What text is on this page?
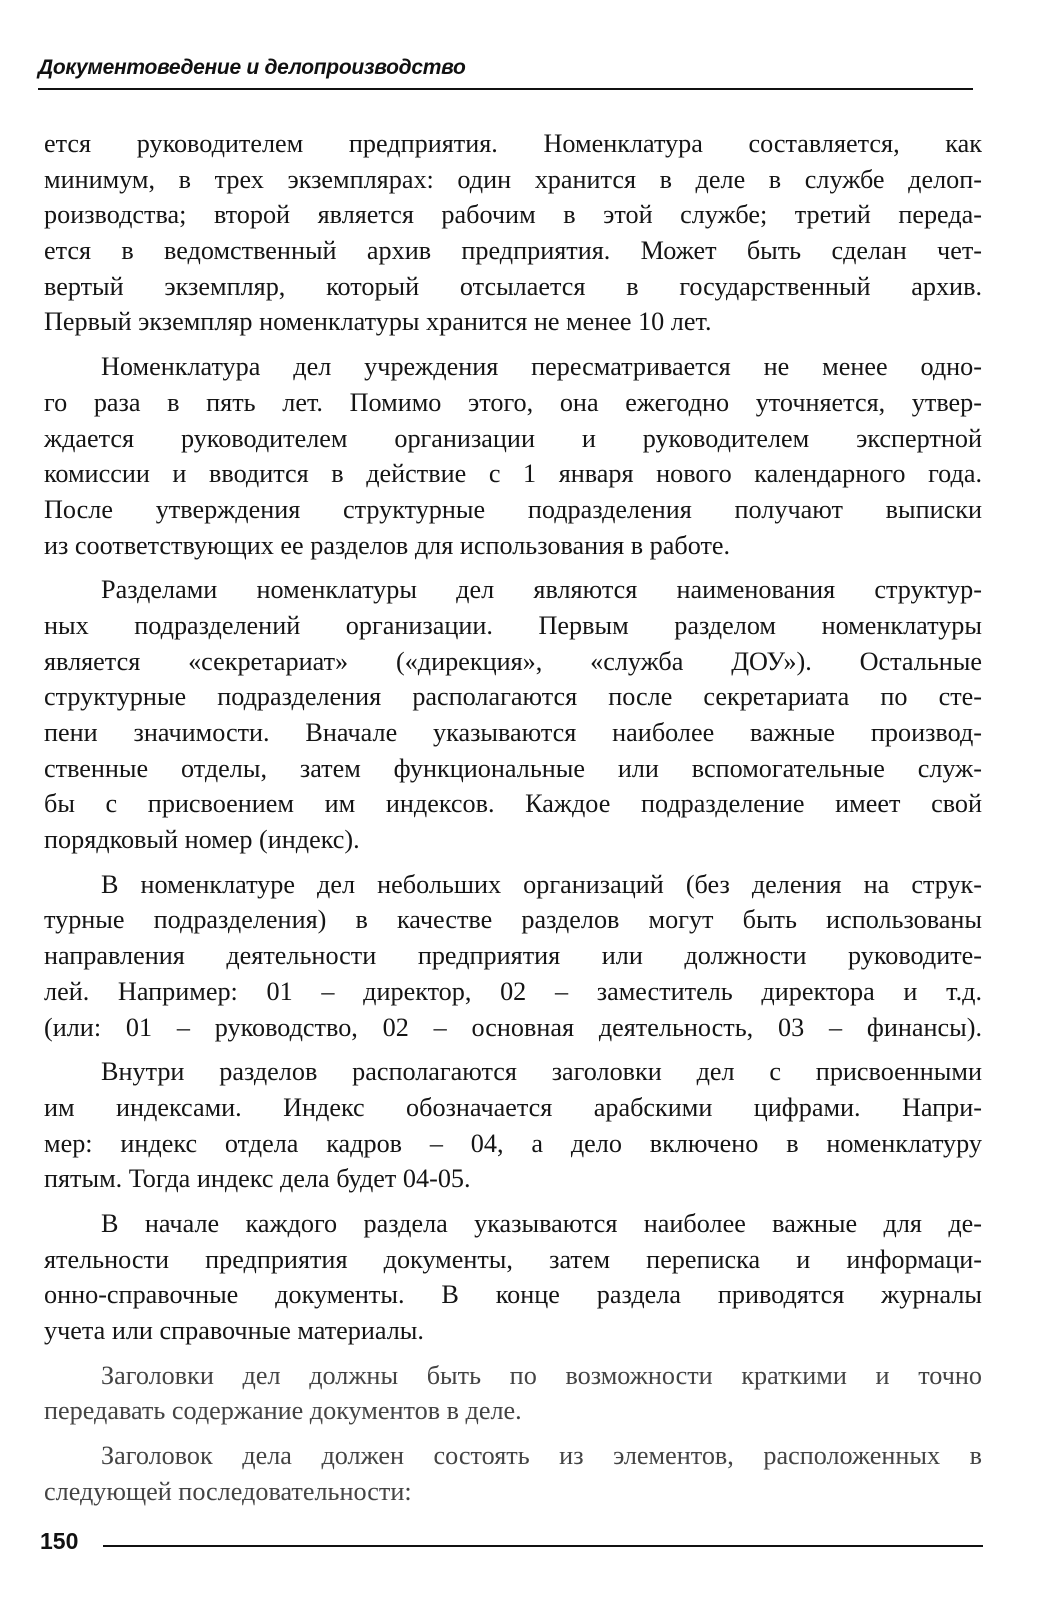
Документоведение и делопроизводство
ется руководителем предприятия. Номенклатура составляется, как
минимум, в трех экземплярах: один хранится в деле в службе делоп-
роизводства; второй является рабочим в этой службе; третий переда-
ется в ведомственный архив предприятия. Может быть сделан чет-
вертый экземпляр, который отсылается в государственный архив.
Первый экземпляр номенклатуры хранится не менее 10 лет.
Номенклатура дел учреждения пересматривается не менее одно-
го раза в пять лет. Помимо этого, она ежегодно уточняется, утвер-
ждается руководителем организации и руководителем экспертной
комиссии и вводится в действие с 1 января нового календарного года.
После утверждения структурные подразделения получают выписки
из соответствующих ее разделов для использования в работе.
Разделами номенклатуры дел являются наименования структур-
ных подразделений организации. Первым разделом номенклатуры
является «секретариат» («дирекция», «служба ДОУ»). Остальные
структурные подразделения располагаются после секретариата по сте-
пени значимости. Вначале указываются наиболее важные производ-
ственные отделы, затем функциональные или вспомогательные служ-
бы с присвоением им индексов. Каждое подразделение имеет свой
порядковый номер (индекс).
В номенклатуре дел небольших организаций (без деления на струк-
турные подразделения) в качестве разделов могут быть использованы
направления деятельности предприятия или должности руководите-
лей. Например: 01 – директор, 02 – заместитель директора и т.д.
(или: 01 – руководство, 02 – основная деятельность, 03 – финансы).
Внутри разделов располагаются заголовки дел с присвоенными
им индексами. Индекс обозначается арабскими цифрами. Напри-
мер: индекс отдела кадров – 04, а дело включено в номенклатуру
пятым. Тогда индекс дела будет 04-05.
В начале каждого раздела указываются наиболее важные для де-
ятельности предприятия документы, затем переписка и информаци-
онно-справочные документы. В конце раздела приводятся журналы
учета или справочные материалы.
Заголовки дел должны быть по возможности краткими и точно
передавать содержание документов в деле.
Заголовок дела должен состоять из элементов, расположенных в
следующей последовательности:
150
